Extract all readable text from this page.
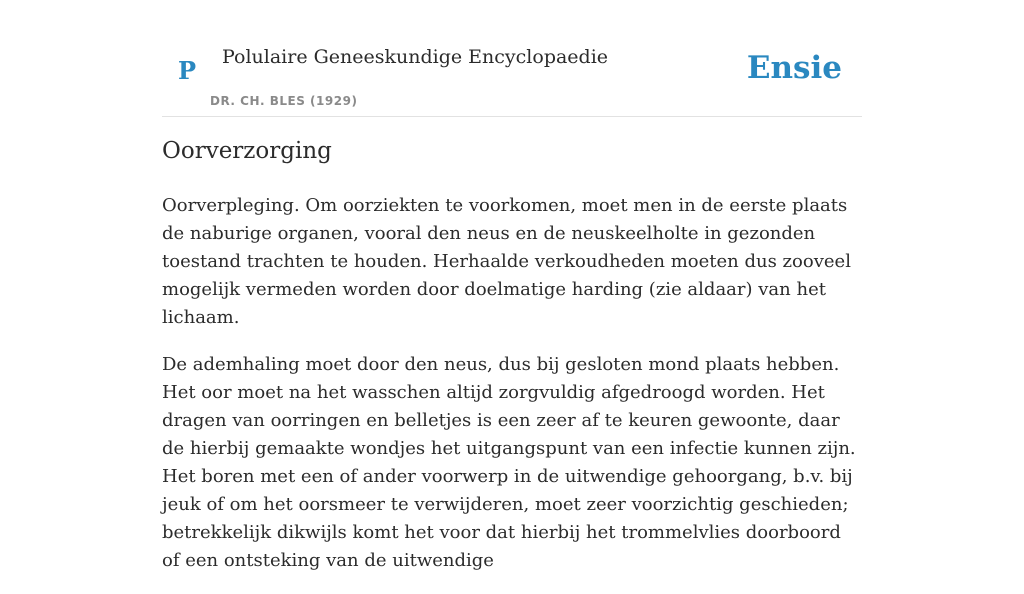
P Polulaire Geneeskundige Encyclopaedie
DR. CH. BLES (1929)
Ensie
Oorverzorging

Oorverpleging. Om oorziekten te voorkomen, moet men in de eerste plaats de naburige organen, vooral den neus en de neuskeelholte in gezonden toestand trachten te houden. Herhaalde verkoudheden moeten dus zooveel mogelijk vermeden worden door doelmatige harding (zie aldaar) van het lichaam.

De ademhaling moet door den neus, dus bij gesloten mond plaats hebben. Het oor moet na het wasschen altijd zorgvuldig afgedroogd worden. Het dragen van oorringen en belletjes is een zeer af te keuren gewoonte, daar de hierbij gemaakte wondjes het uitgangspunt van een infectie kunnen zijn. Het boren met een of ander voorwerp in de uitwendige gehoorgang, b.v. bij jeuk of om het oorsmeer te verwijderen, moet zeer voorzichtig geschieden; betrekkelijk dikwijls komt het voor dat hierbij het trommelvlies doorboord of een ontsteking van de uitwendige
